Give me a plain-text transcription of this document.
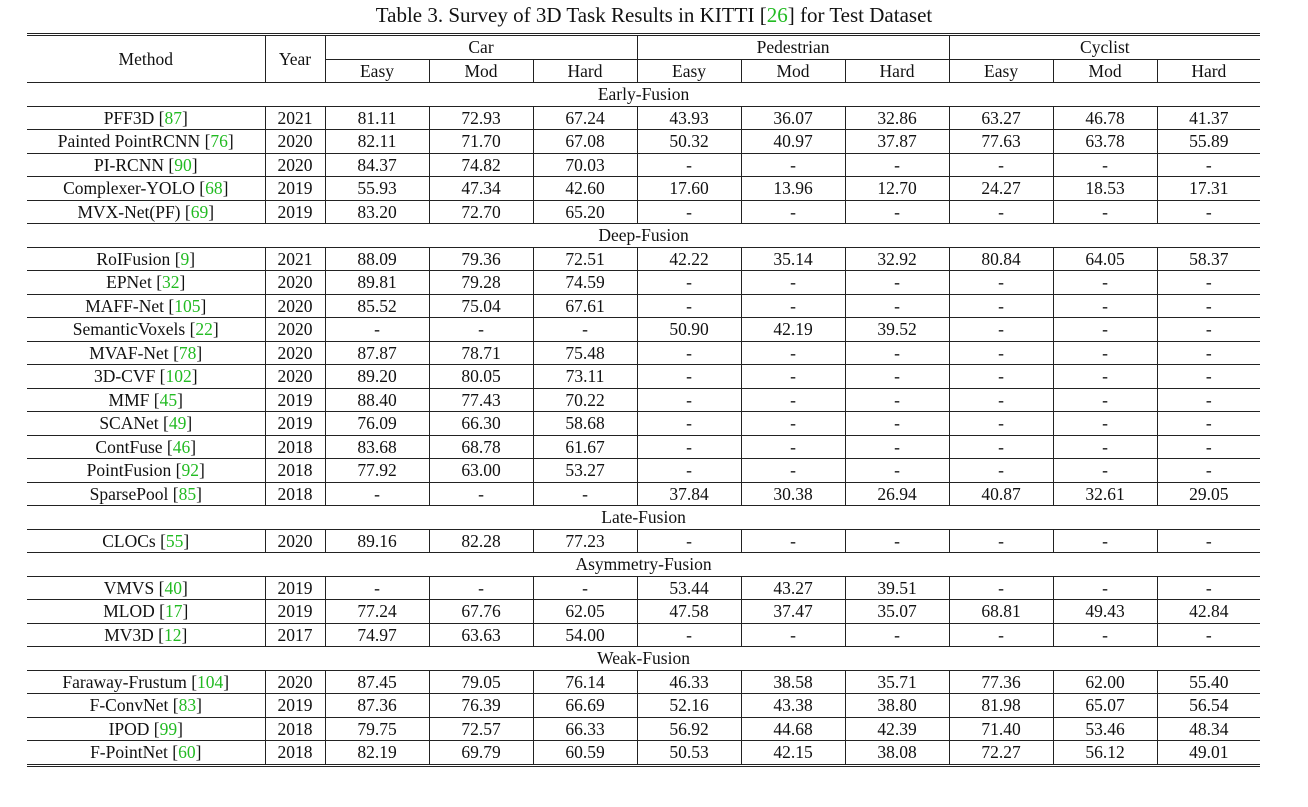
Table 3. Survey of 3D Task Results in KITTI [26] for Test Dataset
Method	Year	Car			Pedestrian			Cyclist		
		Easy	Mod	Hard	Easy	Mod	Hard	Easy	Mod	Hard
Early-Fusion										
PFF3D [87]	2021	81.11	72.93	67.24	43.93	36.07	32.86	63.27	46.78	41.37
Painted PointRCNN [76]	2020	82.11	71.70	67.08	50.32	40.97	37.87	77.63	63.78	55.89
PI-RCNN [90]	2020	84.37	74.82	70.03	-	-	-	-	-	-
Complexer-YOLO [68]	2019	55.93	47.34	42.60	17.60	13.96	12.70	24.27	18.53	17.31
MVX-Net(PF) [69]	2019	83.20	72.70	65.20	-	-	-	-	-	-
Deep-Fusion										
RoIFusion [9]	2021	88.09	79.36	72.51	42.22	35.14	32.92	80.84	64.05	58.37
EPNet [32]	2020	89.81	79.28	74.59	-	-	-	-	-	-
MAFF-Net [105]	2020	85.52	75.04	67.61	-	-	-	-	-	-
SemanticVoxels [22]	2020	-	-	-	50.90	42.19	39.52	-	-	-
MVAF-Net [78]	2020	87.87	78.71	75.48	-	-	-	-	-	-
3D-CVF [102]	2020	89.20	80.05	73.11	-	-	-	-	-	-
MMF [45]	2019	88.40	77.43	70.22	-	-	-	-	-	-
SCANet [49]	2019	76.09	66.30	58.68	-	-	-	-	-	-
ContFuse [46]	2018	83.68	68.78	61.67	-	-	-	-	-	-
PointFusion [92]	2018	77.92	63.00	53.27	-	-	-	-	-	-
SparsePool [85]	2018	-	-	-	37.84	30.38	26.94	40.87	32.61	29.05
Late-Fusion										
CLOCs [55]	2020	89.16	82.28	77.23	-	-	-	-	-	-
Asymmetry-Fusion										
VMVS [40]	2019	-	-	-	53.44	43.27	39.51	-	-	-
MLOD [17]	2019	77.24	67.76	62.05	47.58	37.47	35.07	68.81	49.43	42.84
MV3D [12]	2017	74.97	63.63	54.00	-	-	-	-	-	-
Weak-Fusion										
Faraway-Frustum [104]	2020	87.45	79.05	76.14	46.33	38.58	35.71	77.36	62.00	55.40
F-ConvNet [83]	2019	87.36	76.39	66.69	52.16	43.38	38.80	81.98	65.07	56.54
IPOD [99]	2018	79.75	72.57	66.33	56.92	44.68	42.39	71.40	53.46	48.34
F-PointNet [60]	2018	82.19	69.79	60.59	50.53	42.15	38.08	72.27	56.12	49.01
